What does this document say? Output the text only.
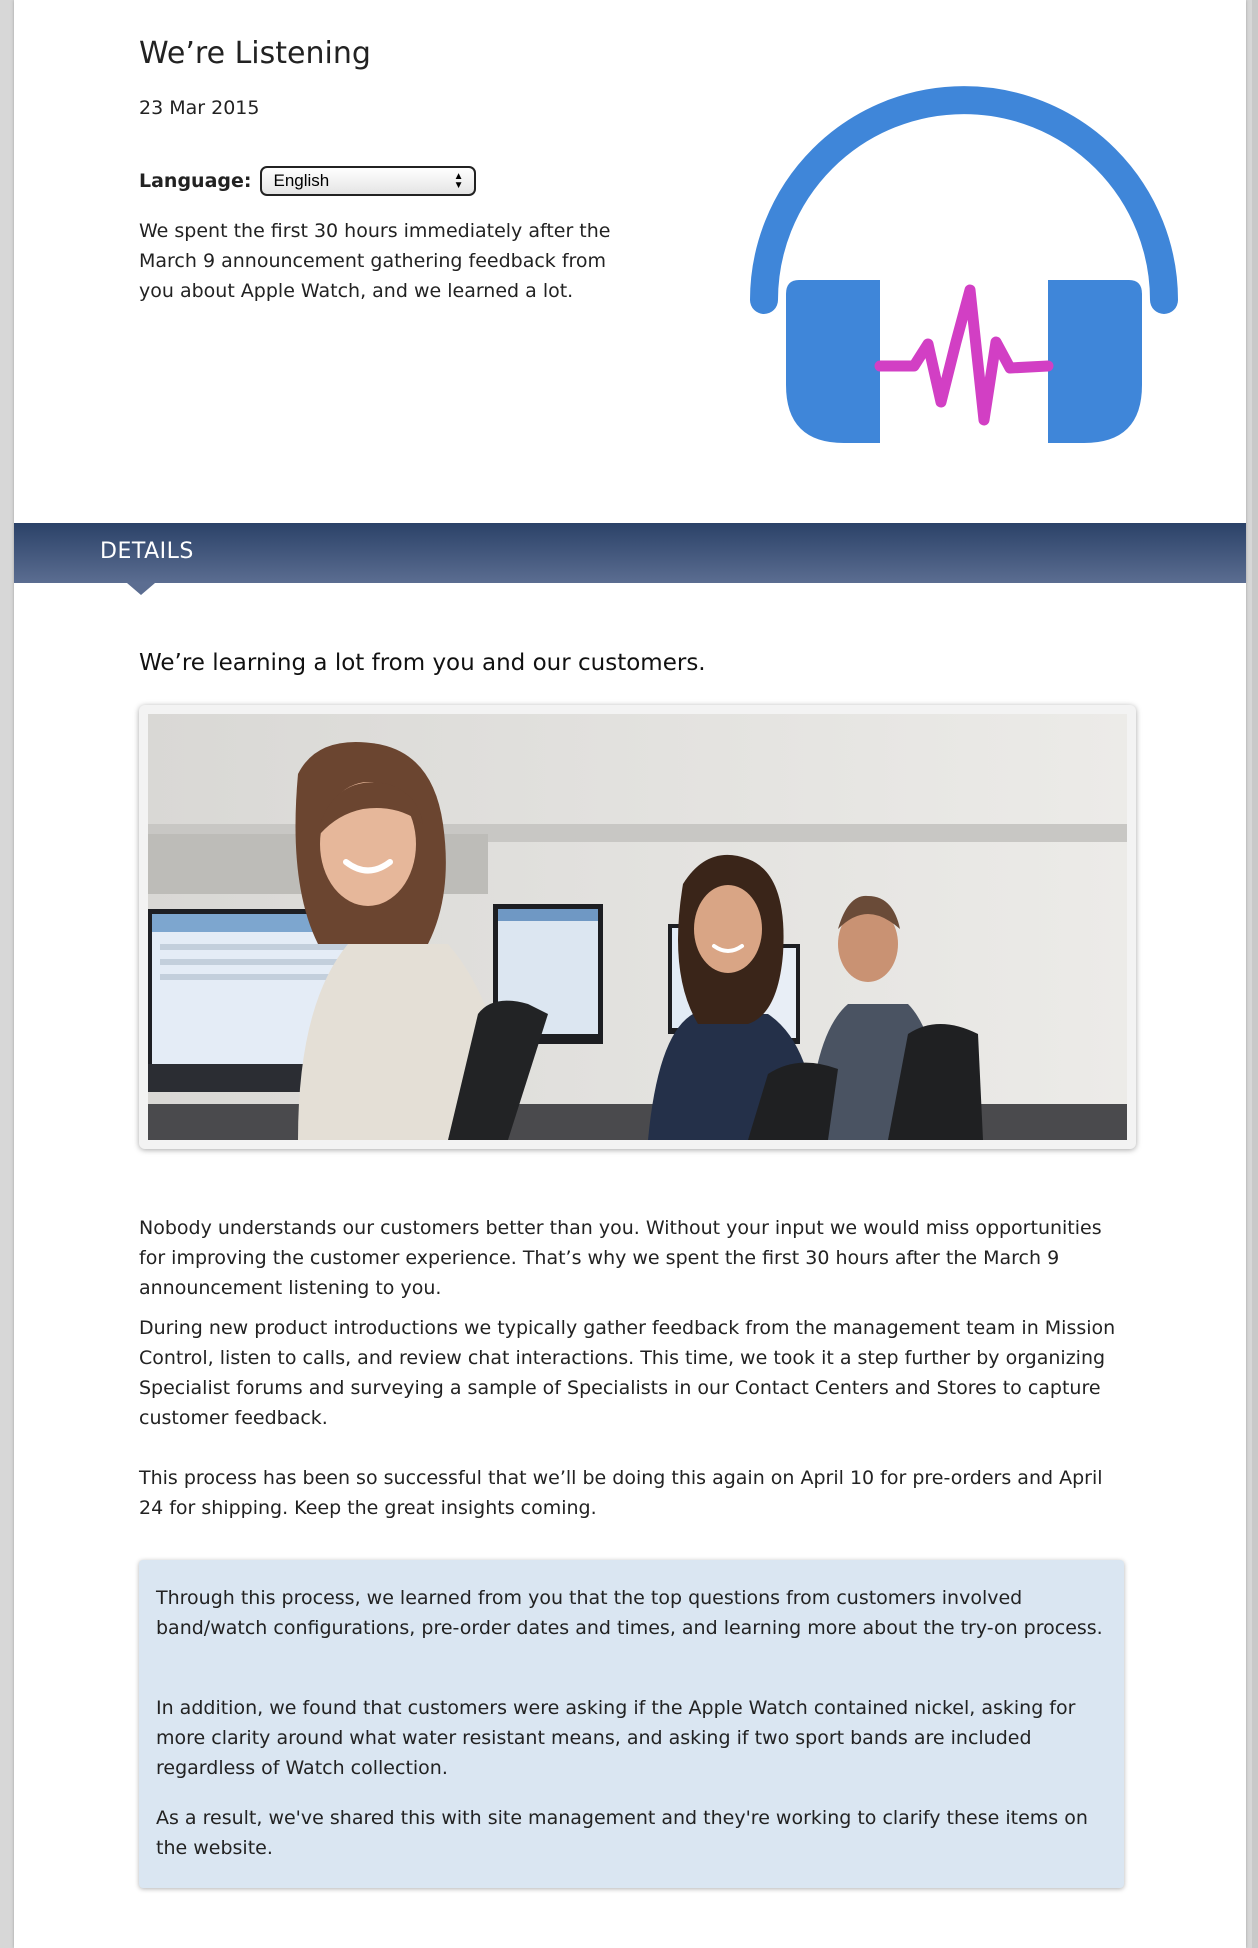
We’re Listening
23 Mar 2015
Language: English	▲
▼

We spent the first 30 hours immediately after the March 9 announcement gathering feedback from you about Apple Watch, and we learned a lot.

DETAILS
We’re learning a lot from you and our customers.

Nobody understands our customers better than you. Without your input we would miss opportunities for improving the customer experience. That’s why we spent the first 30 hours after the March 9 announcement listening to you.

During new product introductions we typically gather feedback from the management team in Mission Control, listen to calls, and review chat interactions. This time, we took it a step further by organizing Specialist forums and surveying a sample of Specialists in our Contact Centers and Stores to capture customer feedback.

This process has been so successful that we’ll be doing this again on April 10 for pre-orders and April 24 for shipping. Keep the great insights coming.

Through this process, we learned from you that the top questions from customers involved band/watch configurations, pre-order dates and times, and learning more about the try-on process.

In addition, we found that customers were asking if the Apple Watch contained nickel, asking for more clarity around what water resistant means, and asking if two sport bands are included regardless of Watch collection.

As a result, we've shared this with site management and they're working to clarify these items on the website.
